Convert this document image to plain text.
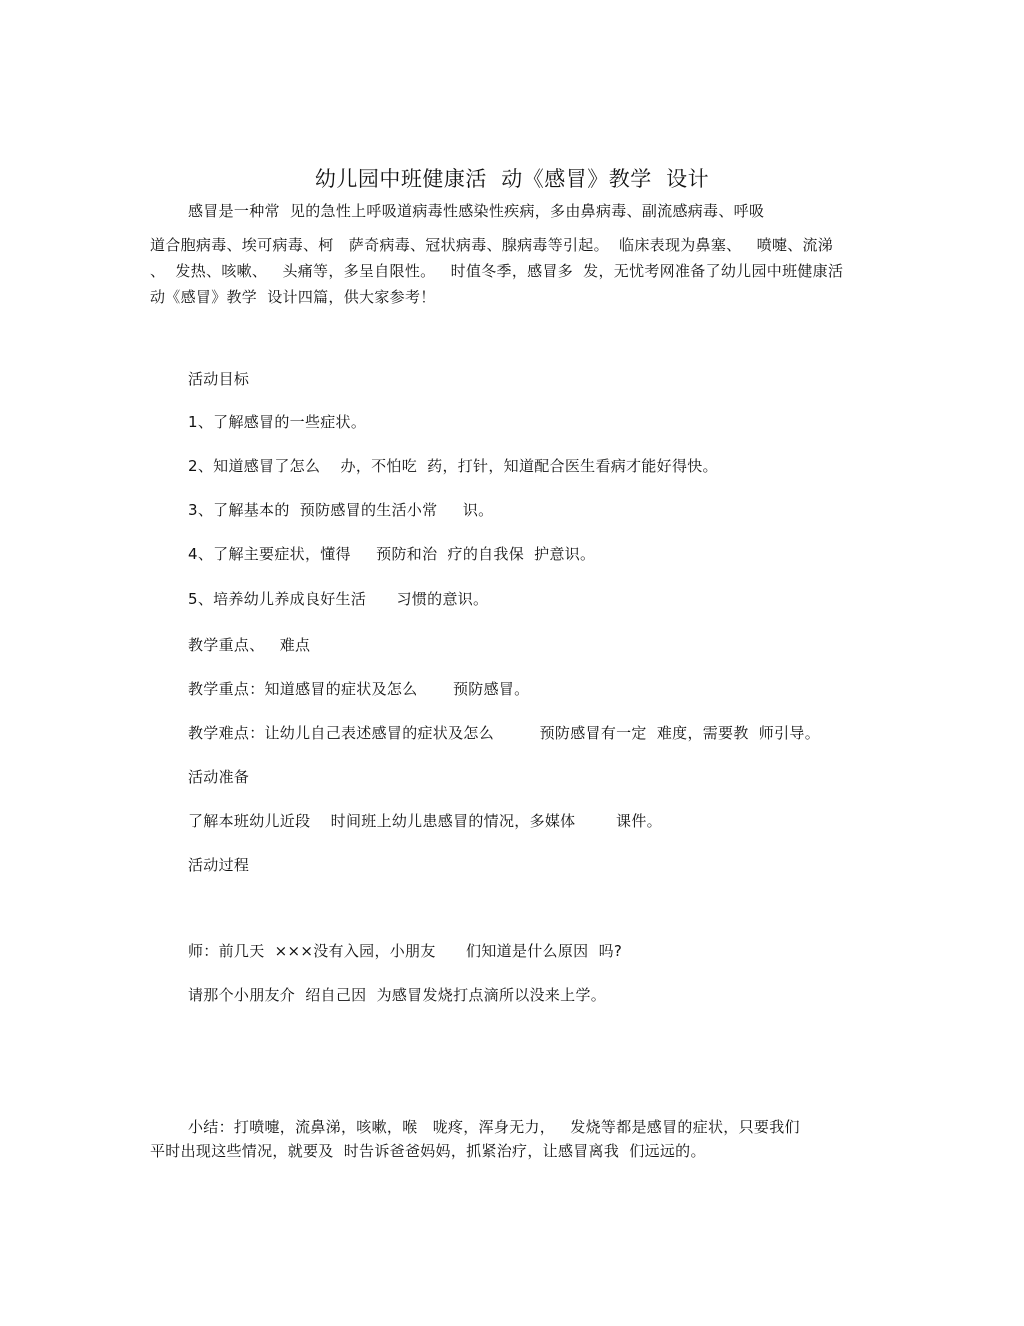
幼儿园中班健康活  动《感冒》教学  设计

感冒是一种常  见的急性上呼吸道病毒性感染性疾病，多由鼻病毒、副流感病毒、呼吸

道合胞病毒、埃可病毒、柯   萨奇病毒、冠状病毒、腺病毒等引起。  临床表现为鼻塞、   喷嚏、流涕

、  发热、咳嗽、   头痛等，多呈自限性。   时值冬季，感冒多  发，无忧考网准备了幼儿园中班健康活

动《感冒》教学  设计四篇，供大家参考！

活动目标

1、了解感冒的一些症状。

2、知道感冒了怎么    办，不怕吃  药，打针，知道配合医生看病才能好得快。

3、了解基本的  预防感冒的生活小常     识。

4、了解主要症状，懂得     预防和治  疗的自我保  护意识。

5、培养幼儿养成良好生活      习惯的意识。

教学重点、   难点

教学重点：知道感冒的症状及怎么       预防感冒。

教学难点：让幼儿自己表述感冒的症状及怎么         预防感冒有一定  难度，需要教  师引导。

活动准备

了解本班幼儿近段    时间班上幼儿患感冒的情况，多媒体        课件。

活动过程

师：前几天  ×××没有入园，小朋友      们知道是什么原因  吗?

请那个小朋友介  绍自己因  为感冒发烧打点滴所以没来上学。

小结：打喷嚏，流鼻涕，咳嗽，喉   咙疼，浑身无力，   发烧等都是感冒的症状，只要我们

平时出现这些情况，就要及  时告诉爸爸妈妈，抓紧治疗，让感冒离我  们远远的。
